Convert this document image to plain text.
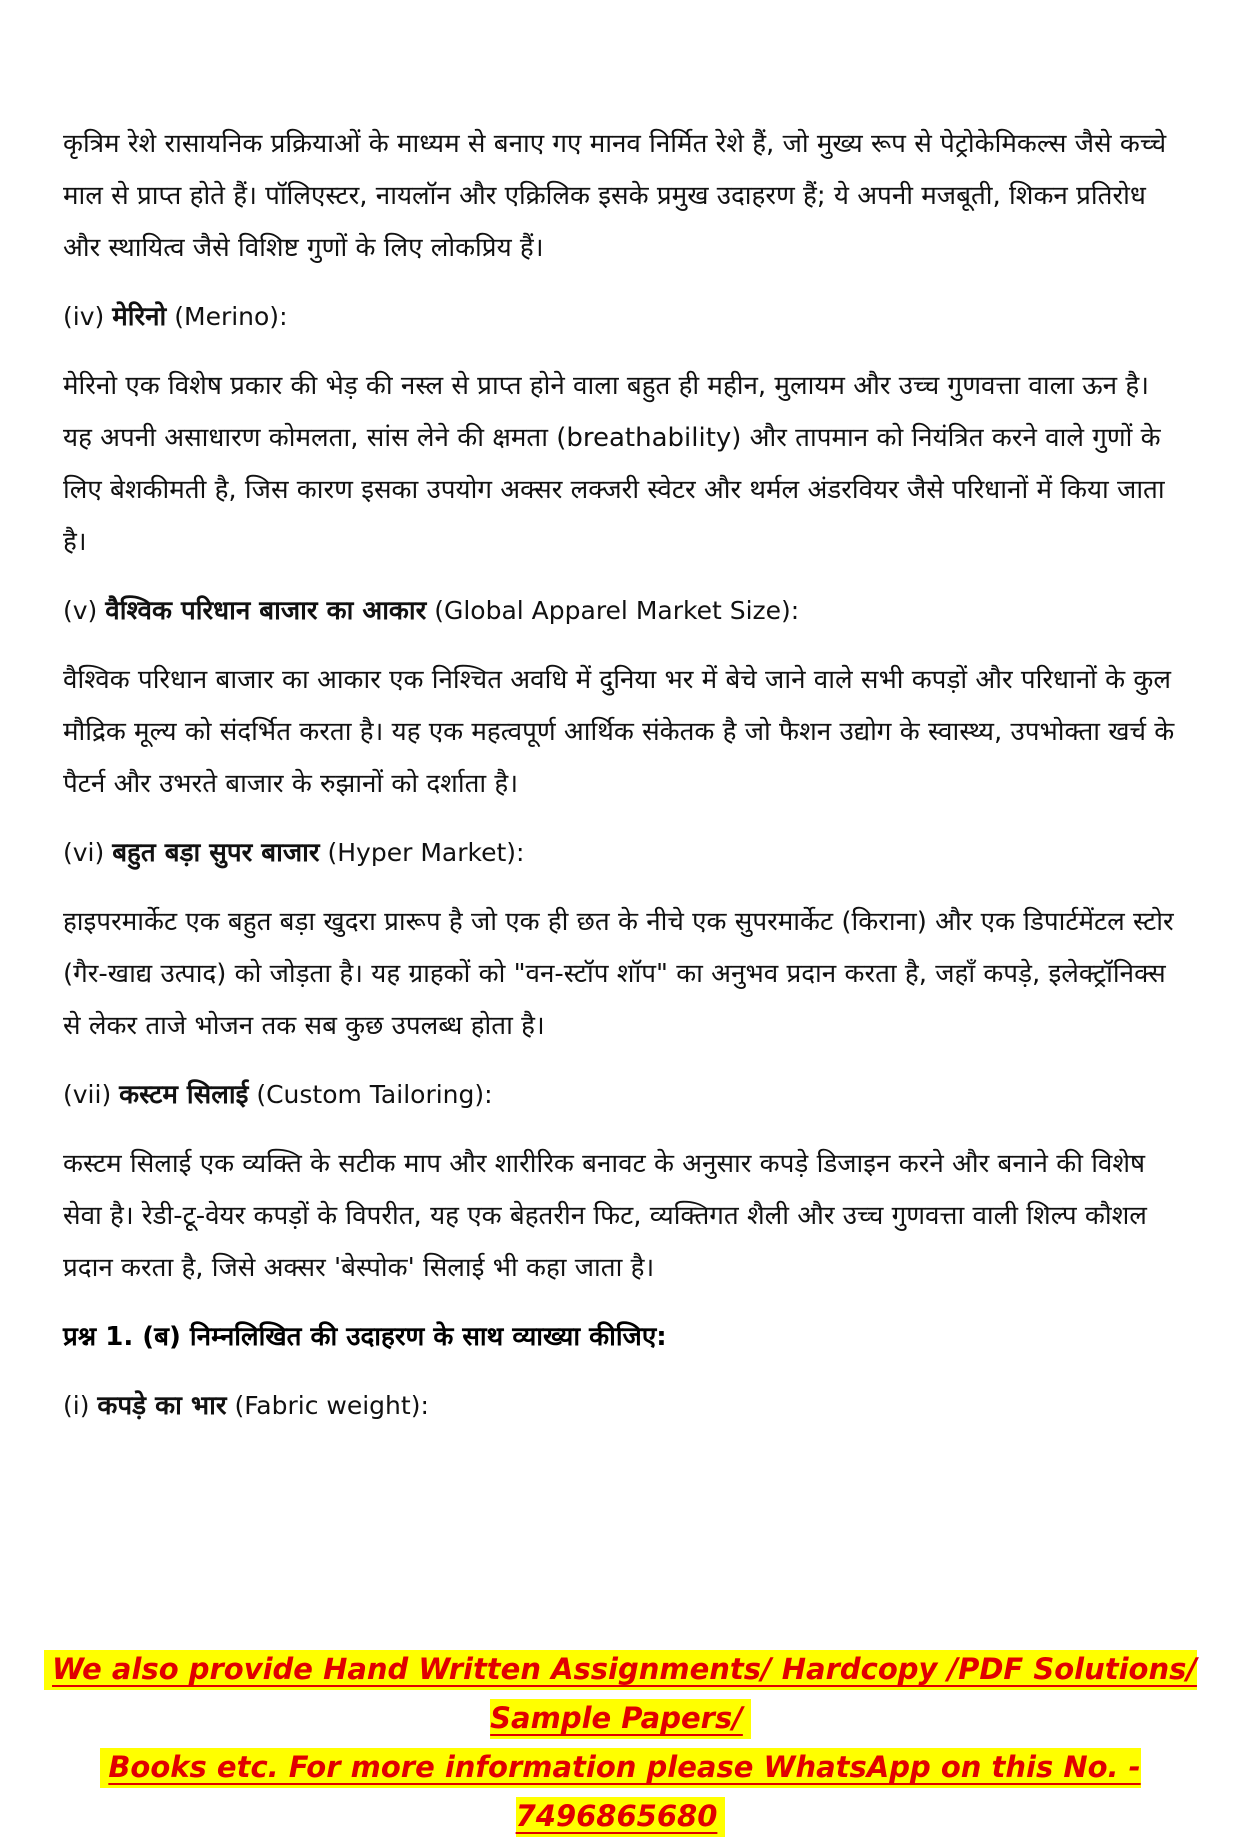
कृत्रिम रेशे रासायनिक प्रक्रियाओं के माध्यम से बनाए गए मानव निर्मित रेशे हैं, जो मुख्य रूप से पेट्रोकेमिकल्स जैसे कच्चे माल से प्राप्त होते हैं। पॉलिएस्टर, नायलॉन और एक्रिलिक इसके प्रमुख उदाहरण हैं; ये अपनी मजबूती, शिकन प्रतिरोध और स्थायित्व जैसे विशिष्ट गुणों के लिए लोकप्रिय हैं।

(iv) मेरिनो (Merino):

मेरिनो एक विशेष प्रकार की भेड़ की नस्ल से प्राप्त होने वाला बहुत ही महीन, मुलायम और उच्च गुणवत्ता वाला ऊन है। यह अपनी असाधारण कोमलता, सांस लेने की क्षमता (breathability) और तापमान को नियंत्रित करने वाले गुणों के लिए बेशकीमती है, जिस कारण इसका उपयोग अक्सर लक्जरी स्वेटर और थर्मल अंडरवियर जैसे परिधानों में किया जाता है।

(v) वैश्विक परिधान बाजार का आकार (Global Apparel Market Size):

वैश्विक परिधान बाजार का आकार एक निश्चित अवधि में दुनिया भर में बेचे जाने वाले सभी कपड़ों और परिधानों के कुल मौद्रिक मूल्य को संदर्भित करता है। यह एक महत्वपूर्ण आर्थिक संकेतक है जो फैशन उद्योग के स्वास्थ्य, उपभोक्ता खर्च के पैटर्न और उभरते बाजार के रुझानों को दर्शाता है।

(vi) बहुत बड़ा सुपर बाजार (Hyper Market):

हाइपरमार्केट एक बहुत बड़ा खुदरा प्रारूप है जो एक ही छत के नीचे एक सुपरमार्केट (किराना) और एक डिपार्टमेंटल स्टोर (गैर-खाद्य उत्पाद) को जोड़ता है। यह ग्राहकों को "वन-स्टॉप शॉप" का अनुभव प्रदान करता है, जहाँ कपड़े, इलेक्ट्रॉनिक्स से लेकर ताजे भोजन तक सब कुछ उपलब्ध होता है।

(vii) कस्टम सिलाई (Custom Tailoring):

कस्टम सिलाई एक व्यक्ति के सटीक माप और शारीरिक बनावट के अनुसार कपड़े डिजाइन करने और बनाने की विशेष सेवा है। रेडी-टू-वेयर कपड़ों के विपरीत, यह एक बेहतरीन फिट, व्यक्तिगत शैली और उच्च गुणवत्ता वाली शिल्प कौशल प्रदान करता है, जिसे अक्सर 'बेस्पोक' सिलाई भी कहा जाता है।

प्रश्न 1. (ब) निम्नलिखित की उदाहरण के साथ व्याख्या कीजिए:

(i) कपड़े का भार (Fabric weight):

We also provide Hand Written Assignments/ Hardcopy /PDF Solutions/ Sample Papers/
Books etc. For more information please WhatsApp on this No. - 7496865680
